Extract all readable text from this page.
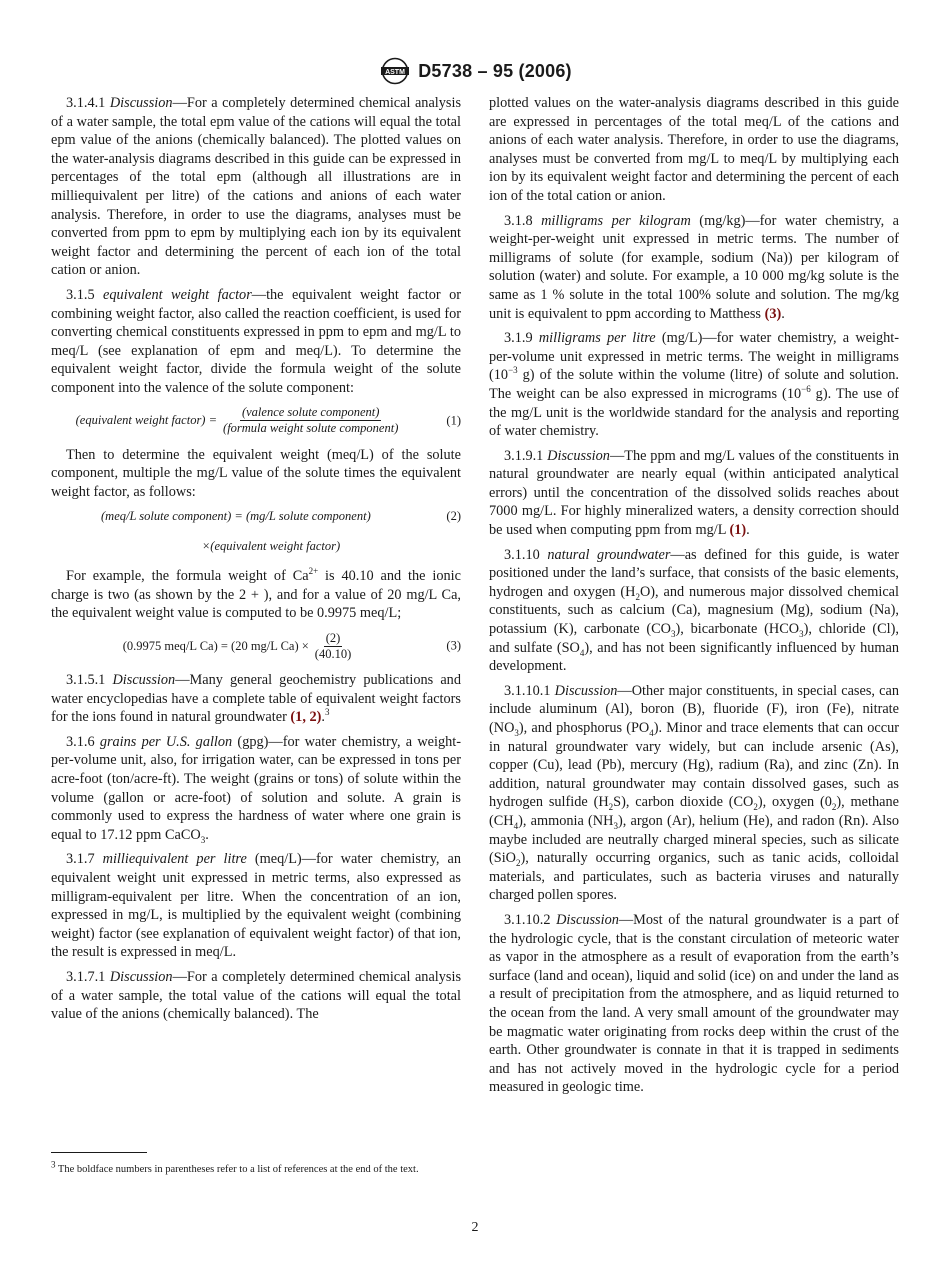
ASTM D5738 – 95 (2006)

3.1.4.1 Discussion—For a completely determined chemical analysis of a water sample, the total epm value of the cations will equal the total epm value of the anions (chemically balanced). The plotted values on the water-analysis diagrams described in this guide can be expressed in percentages of the total epm (although all illustrations are in milliequivalent per litre) of the cations and anions of each water analysis. Therefore, in order to use the diagrams, analyses must be converted from ppm to epm by multiplying each ion by its equivalent weight factor and determining the percent of each ion of the total cation or anion.

3.1.5 equivalent weight factor—the equivalent weight factor or combining weight factor, also called the reaction coefficient, is used for converting chemical constituents expressed in ppm to epm and mg/L to meq/L (see explanation of epm and meq/L). To determine the equivalent weight factor, divide the formula weight of the solute component into the valence of the solute component:

(equivalent weight factor) = $\frac{\text{(valence solute component)}}{\text{(formula weight solute component)}}$	(1)

Then to determine the equivalent weight (meq/L) of the solute component, multiple the mg/L value of the solute times the equivalent weight factor, as follows:

(meq/L solute component) = (mg/L solute component)	(2)
×(equivalent weight factor)

For example, the formula weight of $Ca^{2+}$ is 40.10 and the ionic charge is two (as shown by the 2 + ), and for a value of 20 mg/L Ca, the equivalent weight value is computed to be 0.9975 meq/L;

(0.9975 meq/L Ca) = (20 mg/L $Ca) \times \frac{(2)}{(40.10)}$	(3)

3.1.5.1 Discussion—Many general geochemistry publications and water encyclopedias have a complete table of equivalent weight factors for the ions found in natural groundwater (1, 2).$^3$

3.1.6 grains per U.S. gallon (gpg)—for water chemistry, a weight-per-volume unit, also, for irrigation water, can be expressed in tons per acre-foot (ton/acre-ft). The weight (grains or tons) of solute within the volume (gallon or acre-foot) of solution and solute. A grain is commonly used to express the hardness of water where one grain is equal to 17.12 ppm CaCO$_3$.

3.1.7 milliequivalent per litre (meq/L)—for water chemistry, an equivalent weight unit expressed in metric terms, also expressed as milligram-equivalent per litre. When the concentration of an ion, expressed in mg/L, is multiplied by the equivalent weight (combining weight) factor (see explanation of equivalent weight factor) of that ion, the result is expressed in meq/L.

3.1.7.1 Discussion—For a completely determined chemical analysis of a water sample, the total value of the cations will equal the total value of the anions (chemically balanced). The

plotted values on the water-analysis diagrams described in this guide are expressed in percentages of the total meq/L of the cations and anions of each water analysis. Therefore, in order to use the diagrams, analyses must be converted from mg/L to meq/L by multiplying each ion by its equivalent weight factor and determining the percent of each ion of the total cation or anion.

3.1.8 milligrams per kilogram (mg/kg)—for water chemistry, a weight-per-weight unit expressed in metric terms. The number of milligrams of solute (for example, sodium (Na)) per kilogram of solution (water) and solute. For example, a 10 000 mg/kg solute is the same as 1 % solute in the total 100% solute and solution. The mg/kg unit is equivalent to ppm according to Matthess (3).

3.1.9 milligrams per litre (mg/L)—for water chemistry, a weight-per-volume unit expressed in metric terms. The weight in milligrams ($10^{-3}$ g) of the solute within the volume (litre) of solute and solution. The weight can be also expressed in micrograms ($10^{-6}$ g). The use of the mg/L unit is the worldwide standard for the analysis and reporting of water chemistry.

3.1.9.1 Discussion—The ppm and mg/L values of the constituents in natural groundwater are nearly equal (within anticipated analytical errors) until the concentration of the dissolved solids reaches about 7000 mg/L. For highly mineralized waters, a density correction should be used when computing ppm from mg/L (1).

3.1.10 natural groundwater—as defined for this guide, is water positioned under the land’s surface, that consists of the basic elements, hydrogen and oxygen $(H_2O)$, and numerous major dissolved chemical constituents, such as calcium (Ca), magnesium (Mg), sodium (Na), potassium (K), carbonate $(CO_3)$, bicarbonate $(HCO_3)$, chloride (Cl), and sulfate $(SO_4)$, and has not been significantly influenced by human development.

3.1.10.1 Discussion—Other major constituents, in special cases, can include aluminum (Al), boron (B), fluoride (F), iron (Fe), nitrate $(NO_3)$, and phosphorus $(PO_4)$. Minor and trace elements that can occur in natural groundwater vary widely, but can include arsenic (As), copper (Cu), lead (Pb), mercury (Hg), radium (Ra), and zinc (Zn). In addition, natural groundwater may contain dissolved gases, such as hydrogen sulfide $(H_2S)$, carbon dioxide $(CO_2)$, oxygen $(0_2)$, methane $(CH_4)$, ammonia $(NH_3)$, argon (Ar), helium (He), and radon (Rn). Also maybe included are neutrally charged mineral species, such as silicate (SiO$_2$), naturally occurring organics, such as tanic acids, colloidal materials, and particulates, such as bacteria viruses and naturally charged pollen spores.

3.1.10.2 Discussion—Most of the natural groundwater is a part of the hydrologic cycle, that is the constant circulation of meteoric water as vapor in the atmosphere as a result of evaporation from the earth’s surface (land and ocean), liquid and solid (ice) on and under the land as a result of precipitation from the atmosphere, and as liquid returned to the ocean from the land. A very small amount of the groundwater may be magmatic water originating from rocks deep within the crust of the earth. Other groundwater is connate in that it is trapped in sediments and has not actively moved in the hydrologic cycle for a period measured in geologic time.

$^3$ The boldface numbers in parentheses refer to a list of references at the end of the text.
2
